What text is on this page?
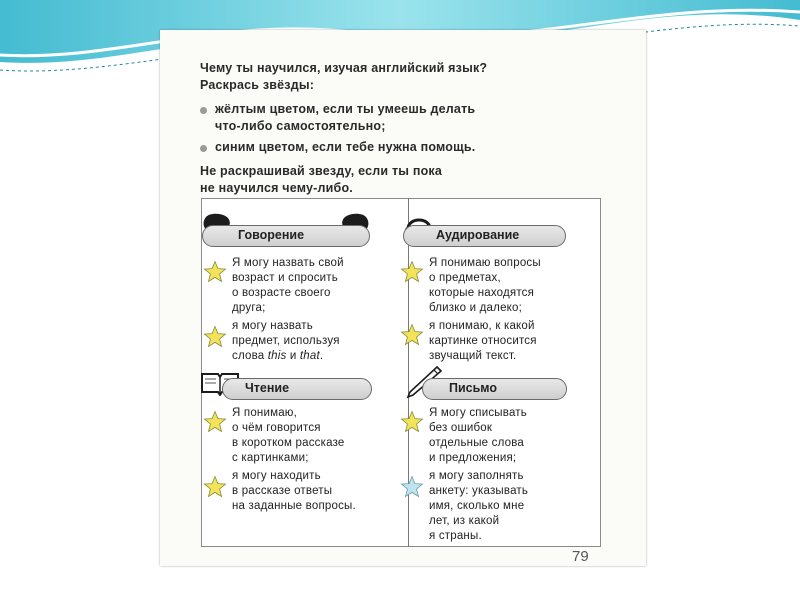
Чему ты научился, изучая английский язык?
Раскрась звёзды:
жёлтым цветом, если ты умеешь делать
что-либо самостоятельно;
синим цветом, если тебе нужна помощь.
Не раскрашивай звезду, если ты пока
не научился чему-либо.
Говорение
Я могу назвать свой
возраст и спросить
о возрасте своего
друга;
я могу назвать
предмет, используя
слова this и that.
Аудирование
Я понимаю вопросы
о предметах,
которые находятся
близко и далеко;
я понимаю, к какой
картинке относится
звучащий текст.
Чтение
Я понимаю,
о чём говорится
в коротком рассказе
с картинками;
я могу находить
в рассказе ответы
на заданные вопросы.
Письмо
Я могу списывать
без ошибок
отдельные слова
и предложения;
я могу заполнять
анкету: указывать
имя, сколько мне
лет, из какой
я страны.
79
